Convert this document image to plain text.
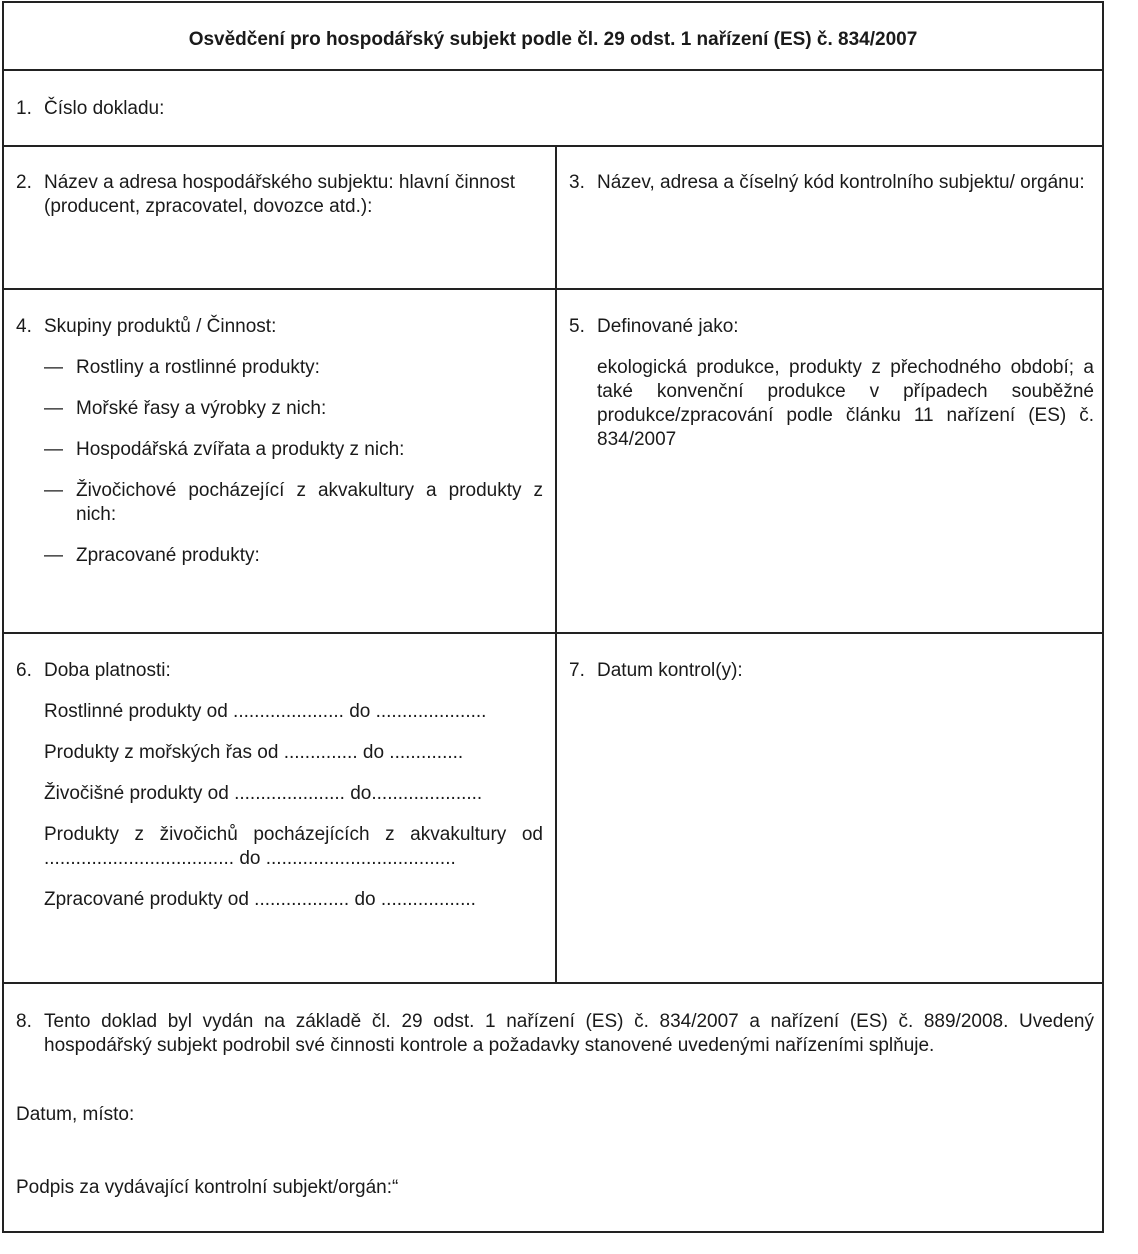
Osvědčení pro hospodářský subjekt podle čl. 29 odst. 1 nařízení (ES) č. 834/2007
1. Číslo dokladu:
2. Název a adresa hospodářského subjektu: hlavní činnost (producent, zpracovatel, dovozce atd.):
3. Název, adresa a číselný kód kontrolního subjektu/ orgánu:
4. Skupiny produktů / Činnost:
— Rostliny a rostlinné produkty:
— Mořské řasy a výrobky z nich:
— Hospodářská zvířata a produkty z nich:
— Živočichové pocházející z akvakultury a produkty z nich:
— Zpracované produkty:
5. Definované jako:
ekologická produkce, produkty z přechodného období; a také konvenční produkce v případech souběžné produkce/zpracování podle článku 11 nařízení (ES) č. 834/2007
6. Doba platnosti:
Rostlinné produkty od ..................... do .....................
Produkty z mořských řas od .............. do ..............
Živočišné produkty od ..................... do.....................
Produkty z živočichů pocházejících z akvakultury od .................................... do ....................................
Zpracované produkty od .................. do ..................
7. Datum kontrol(y):
8. Tento doklad byl vydán na základě čl. 29 odst. 1 nařízení (ES) č. 834/2007 a nařízení (ES) č. 889/2008. Uvedený hospodářský subjekt podrobil své činnosti kontrole a požadavky stanovené uvedenými nařízeními splňuje.
Datum, místo:
Podpis za vydávající kontrolní subjekt/orgán:“
